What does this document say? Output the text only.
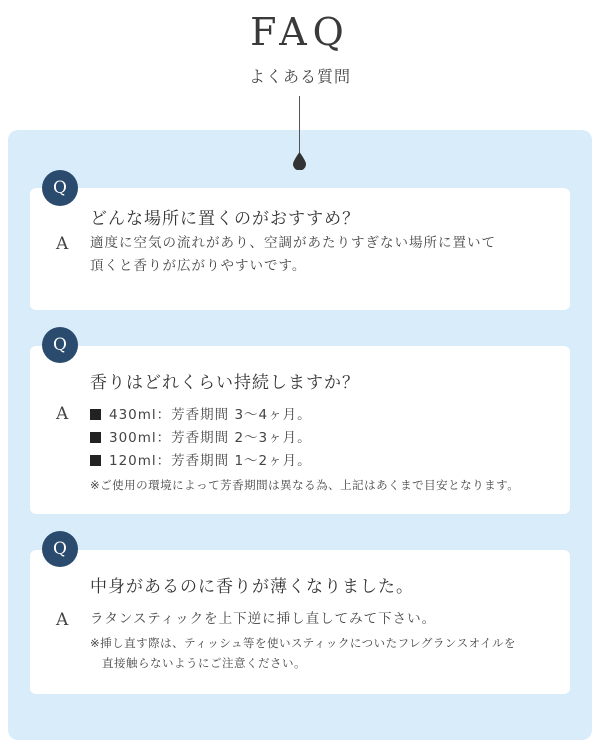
FAQ
よくある質問
Q
どんな場所に置くのがおすすめ？
A 適度に空気の流れがあり、空調があたりすぎない場所に置いて
頂くと香りが広がりやすいです。
Q
香りはどれくらい持続しますか？
A	430ml：芳香期間 3～4ヶ月。
300ml：芳香期間 2～3ヶ月。
120ml：芳香期間 1～2ヶ月。
※ご使用の環境によって芳香期間は異なる為、上記はあくまで目安となります。
Q
中身があるのに香りが薄くなりました。
A ラタンスティックを上下逆に挿し直してみて下さい。
※挿し直す際は、ティッシュ等を使いスティックについたフレグランスオイルを
直接触らないようにご注意ください。
